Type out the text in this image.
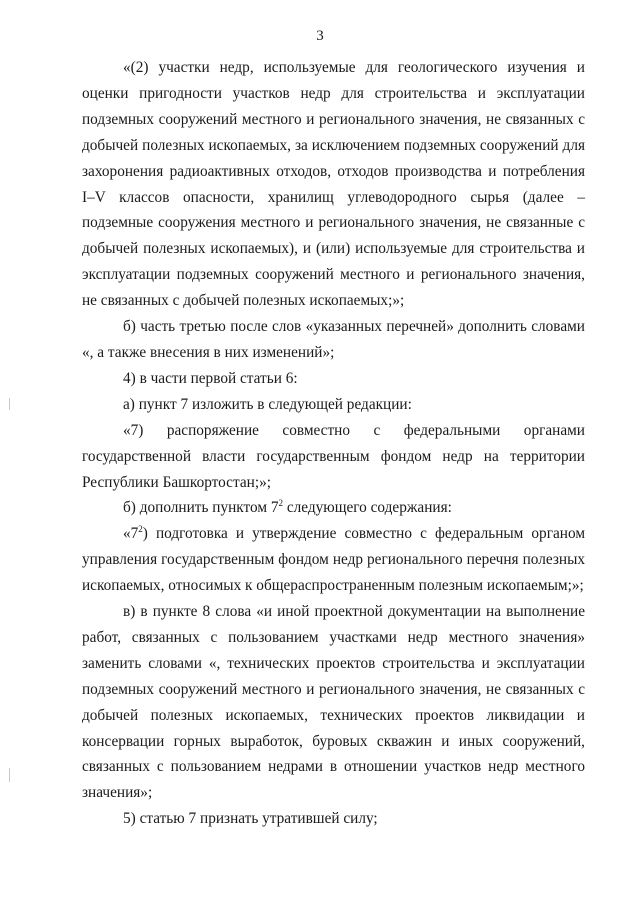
3

«(2) участки недр, используемые для геологического изучения и оценки пригодности участков недр для строительства и эксплуатации подземных сооружений местного и регионального значения, не связанных с добычей полезных ископаемых, за исключением подземных сооружений для захоронения радиоактивных отходов, отходов производства и потребления I–V классов опасности, хранилищ углеводородного сырья (далее – подземные сооружения местного и регионального значения, не связанные с добычей полезных ископаемых), и (или) используемые для строительства и эксплуатации подземных сооружений местного и регионального значения, не связанных с добычей полезных ископаемых;»;

б) часть третью после слов «указанных перечней» дополнить словами «, а также внесения в них изменений»;

4) в части первой статьи 6:

а) пункт 7 изложить в следующей редакции:

«7) распоряжение совместно с федеральными органами государственной власти государственным фондом недр на территории Республики Башкортостан;»;

б) дополнить пунктом $7^2$ следующего содержания:

«$7^2$) подготовка и утверждение совместно с федеральным органом управления государственным фондом недр регионального перечня полезных ископаемых, относимых к общераспространенным полезным ископаемым;»;

в) в пункте 8 слова «и иной проектной документации на выполнение работ, связанных с пользованием участками недр местного значения» заменить словами «, технических проектов строительства и эксплуатации подземных сооружений местного и регионального значения, не связанных с добычей полезных ископаемых, технических проектов ликвидации и консервации горных выработок, буровых скважин и иных сооружений, связанных с пользованием недрами в отношении участков недр местного значения»;

5) статью 7 признать утратившей силу;
